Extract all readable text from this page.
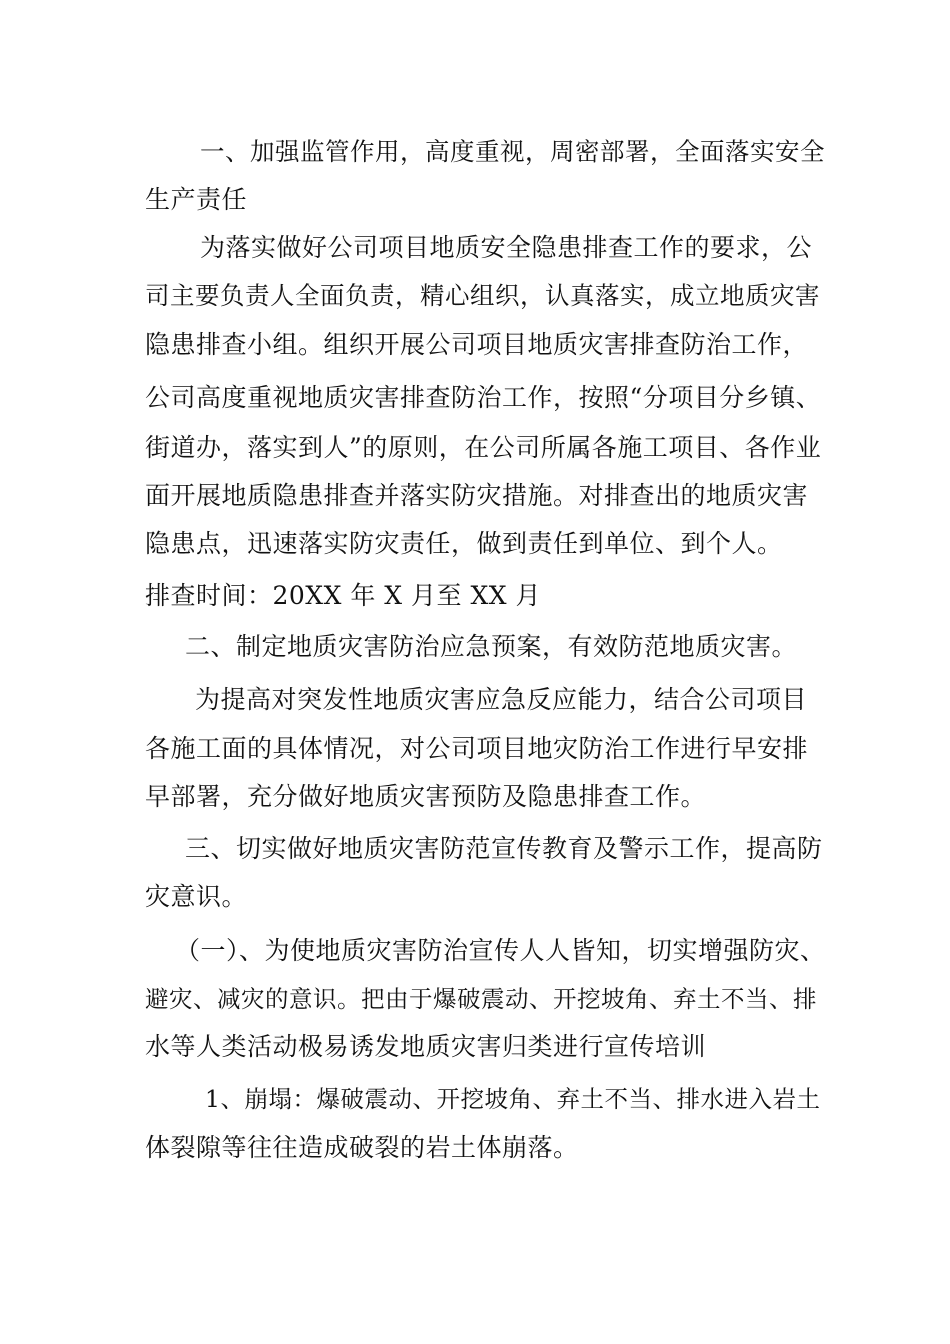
一、加强监管作用，高度重视，周密部署，全面落实安全
生产责任
为落实做好公司项目地质安全隐患排查工作的要求，公
司主要负责人全面负责，精心组织，认真落实，成立地质灾害
隐患排查小组。组织开展公司项目地质灾害排查防治工作，
公司高度重视地质灾害排查防治工作，按照“分项目分乡镇、
街道办，落实到人”的原则，在公司所属各施工项目、各作业
面开展地质隐患排查并落实防灾措施。对排查出的地质灾害
隐患点，迅速落实防灾责任，做到责任到单位、到个人。
排查时间：20XX 年 X 月至 XX 月
二、制定地质灾害防治应急预案，有效防范地质灾害。
为提高对突发性地质灾害应急反应能力，结合公司项目
各施工面的具体情况，对公司项目地灾防治工作进行早安排
早部署，充分做好地质灾害预防及隐患排查工作。
三、切实做好地质灾害防范宣传教育及警示工作，提高防
灾意识。
（一）、为使地质灾害防治宣传人人皆知，切实增强防灾、
避灾、减灾的意识。把由于爆破震动、开挖坡角、弃土不当、排
水等人类活动极易诱发地质灾害归类进行宣传培训
1、崩塌：爆破震动、开挖坡角、弃土不当、排水进入岩土
体裂隙等往往造成破裂的岩土体崩落。
